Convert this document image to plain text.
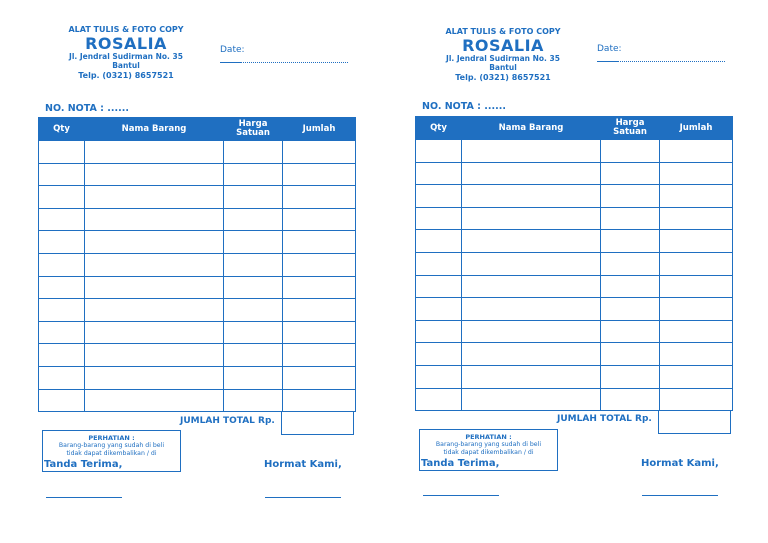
ALAT TULIS & FOTO COPY
ROSALIA
Jl. Jendral Sudirman No. 35
Bantul
Telp. (0321) 8657521
Date:
NO. NOTA : ......
Qty	Nama Barang	Harga Satuan	Jumlah

JUMLAH TOTAL Rp.
PERHATIAN :
Barang-barang yang sudah di beli
tidak dapat dikembalikan / di
Tanda Terima,	Hormat Kami,
ALAT TULIS & FOTO COPY
ROSALIA
Jl. Jendral Sudirman No. 35
Bantul
Telp. (0321) 8657521
Date:
NO. NOTA : ......
Qty	Nama Barang	Harga Satuan	Jumlah

JUMLAH TOTAL Rp.
PERHATIAN :
Barang-barang yang sudah di beli
tidak dapat dikembalikan / di
Tanda Terima,	Hormat Kami,
